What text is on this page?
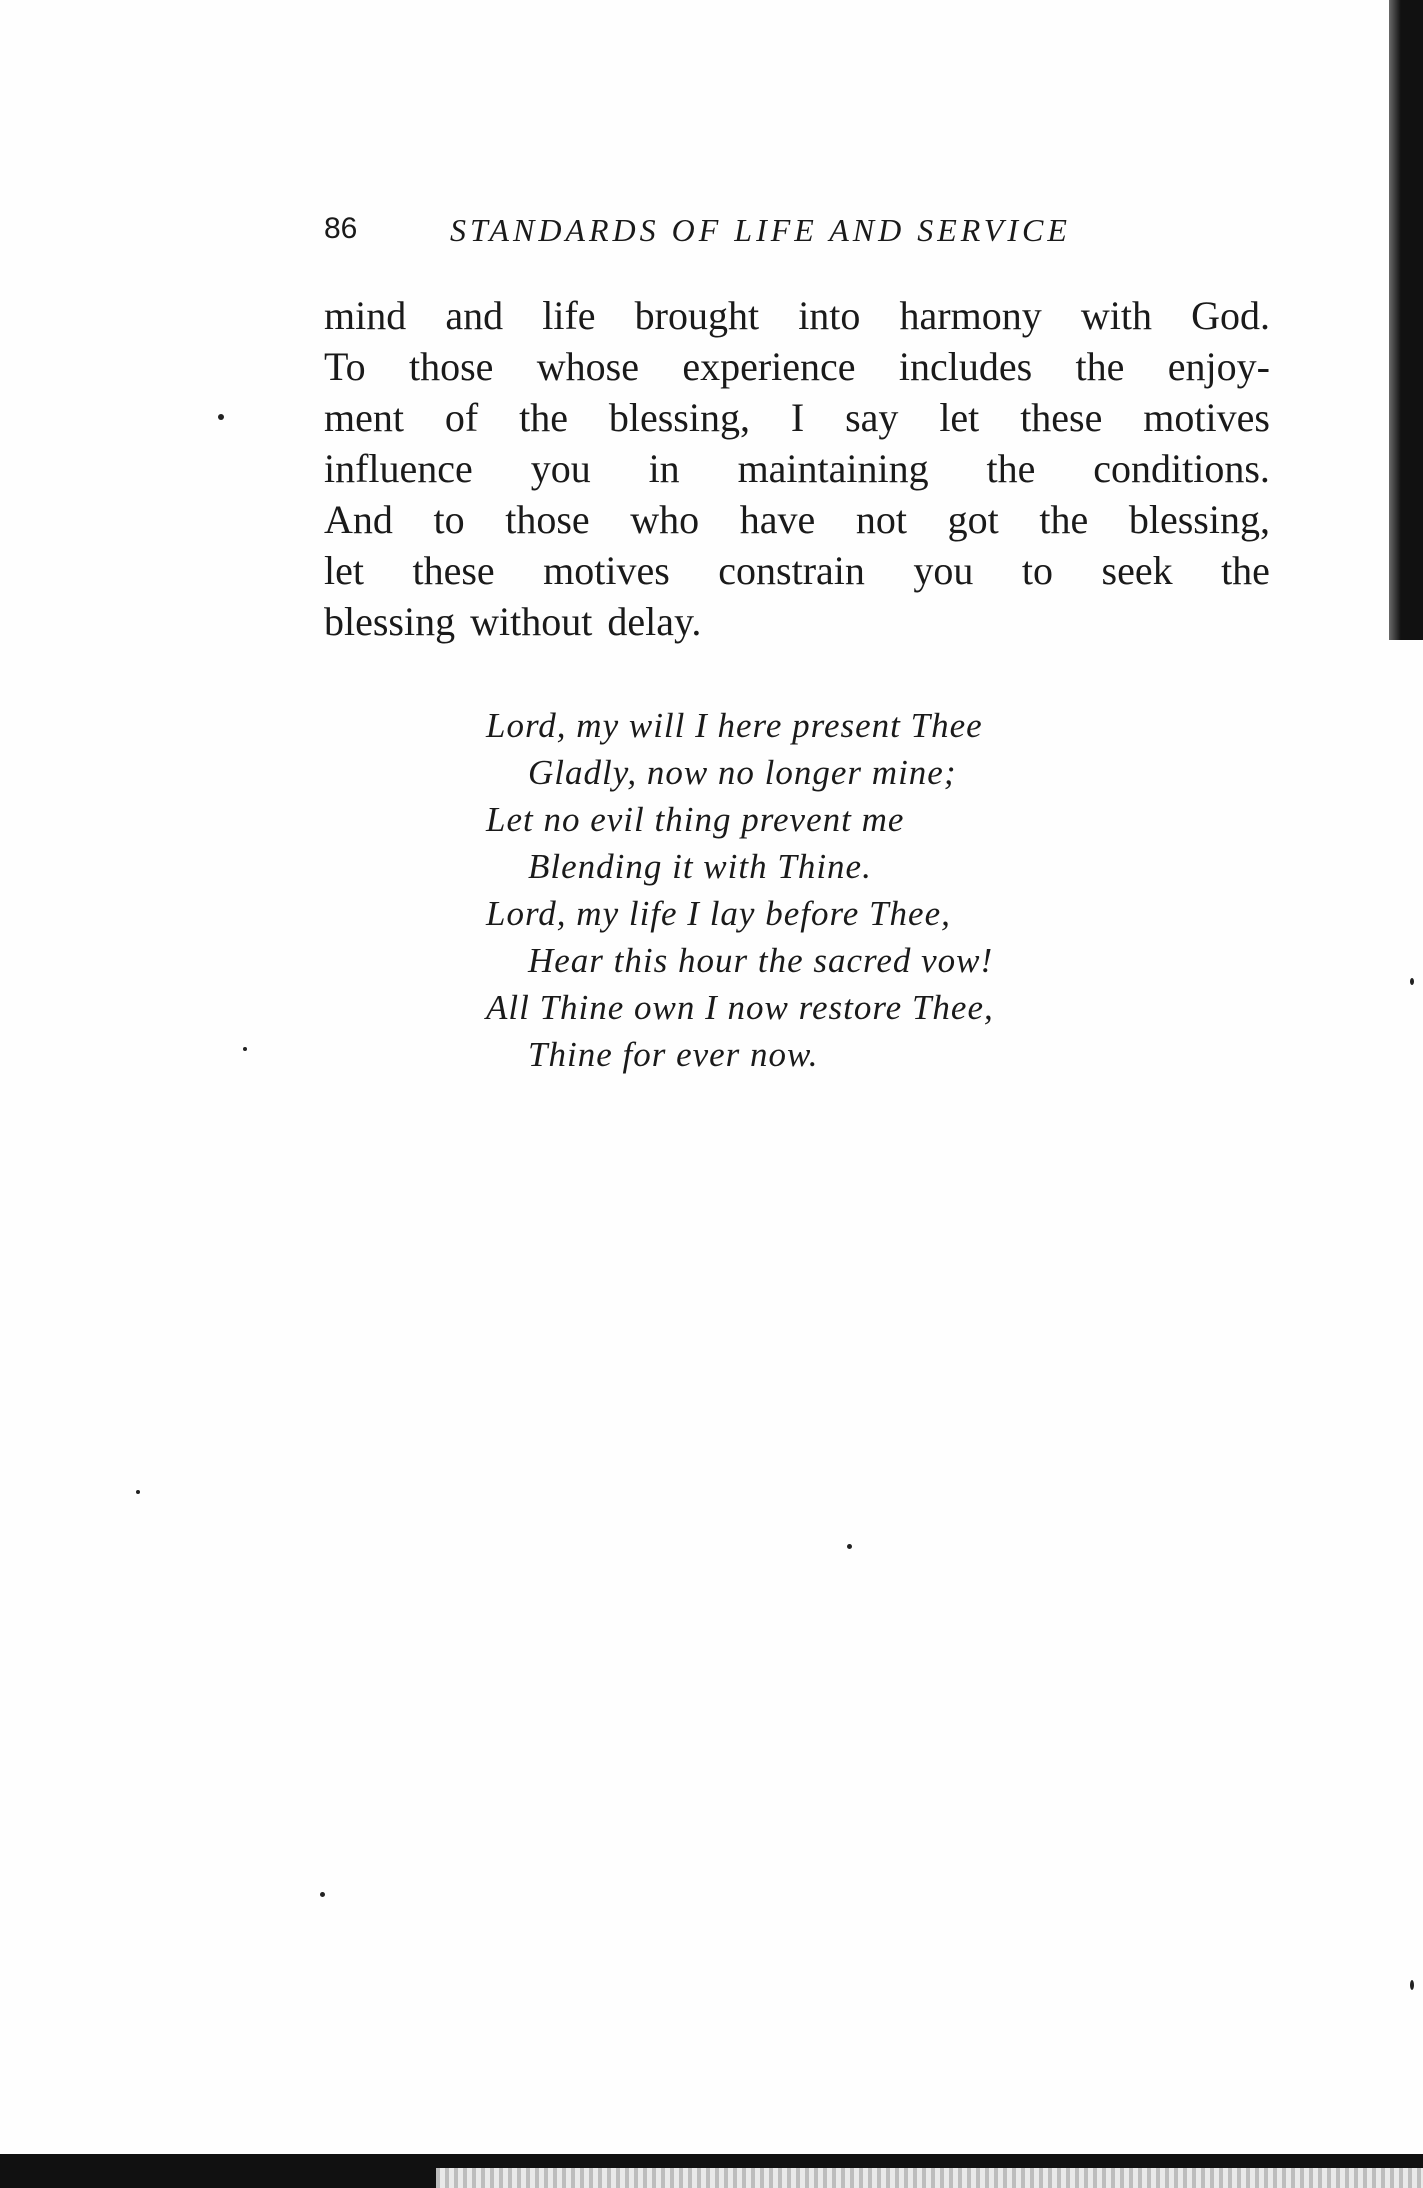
86	STANDARDS OF LIFE AND SERVICE
mind and life brought into harmony with God.
To those whose experience includes the enjoy-
ment of the blessing, I say let these motives
influence you in maintaining the conditions.
And to those who have not got the blessing,
let these motives constrain you to seek the
blessing without delay.
Lord, my will I here present Thee
Gladly, now no longer mine;
Let no evil thing prevent me
Blending it with Thine.
Lord, my life I lay before Thee,
Hear this hour the sacred vow!
All Thine own I now restore Thee,
Thine for ever now.
